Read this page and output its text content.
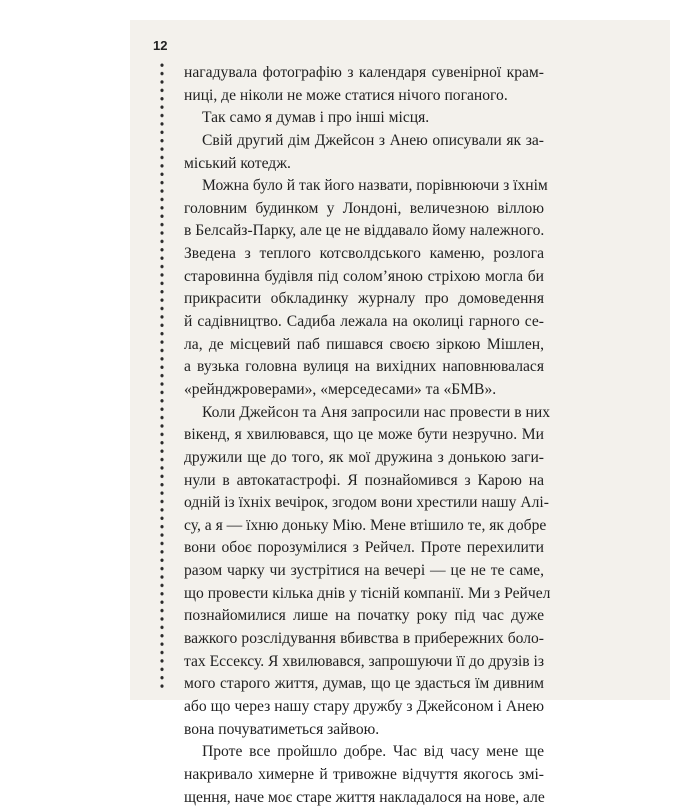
12

нагадувала фотографію з календаря сувенірної крам-
ниці, де ніколи не може статися нічого поганого.
Так само я думав і про інші місця.
Свій другий дім Джейсон з Анею описували як за-
міський котедж.
Можна було й так його назвати, порівнюючи з їхнім
головним будинком у Лондоні, величезною віллою
в Белсайз-Парку, але це не віддавало йому належного.
Зведена з теплого котсволдського каменю, розлога
старовинна будівля під солом’яною стріхою могла би
прикрасити обкладинку журналу про домоведення
й садівництво. Садиба лежала на околиці гарного се-
ла, де місцевий паб пишався своєю зіркою Мішлен,
а вузька головна вулиця на вихідних наповнювалася
«рейнджроверами», «мерседесами» та «БМВ».
Коли Джейсон та Аня запросили нас провести в них
вікенд, я хвилювався, що це може бути незручно. Ми
дружили ще до того, як мої дружина з донькою заги-
нули в автокатастрофі. Я познайомився з Карою на
одній із їхніх вечірок, згодом вони хрестили нашу Алі-
су, а я — їхню доньку Мію. Мене втішило те, як добре
вони обоє порозумілися з Рейчел. Проте перехилити
разом чарку чи зустрітися на вечері — це не те саме,
що провести кілька днів у тісній компанії. Ми з Рейчел
познайомилися лише на початку року під час дуже
важкого розслідування вбивства в прибережних боло-
тах Ессексу. Я хвилювався, запрошуючи її до друзів із
мого старого життя, думав, що це здасться їм дивним
або що через нашу стару дружбу з Джейсоном і Анею
вона почуватиметься зайвою.
Проте все пройшло добре. Час від часу мене ще
накривало химерне й тривожне відчуття якогось змі-
щення, наче моє старе життя накладалося на нове, але
